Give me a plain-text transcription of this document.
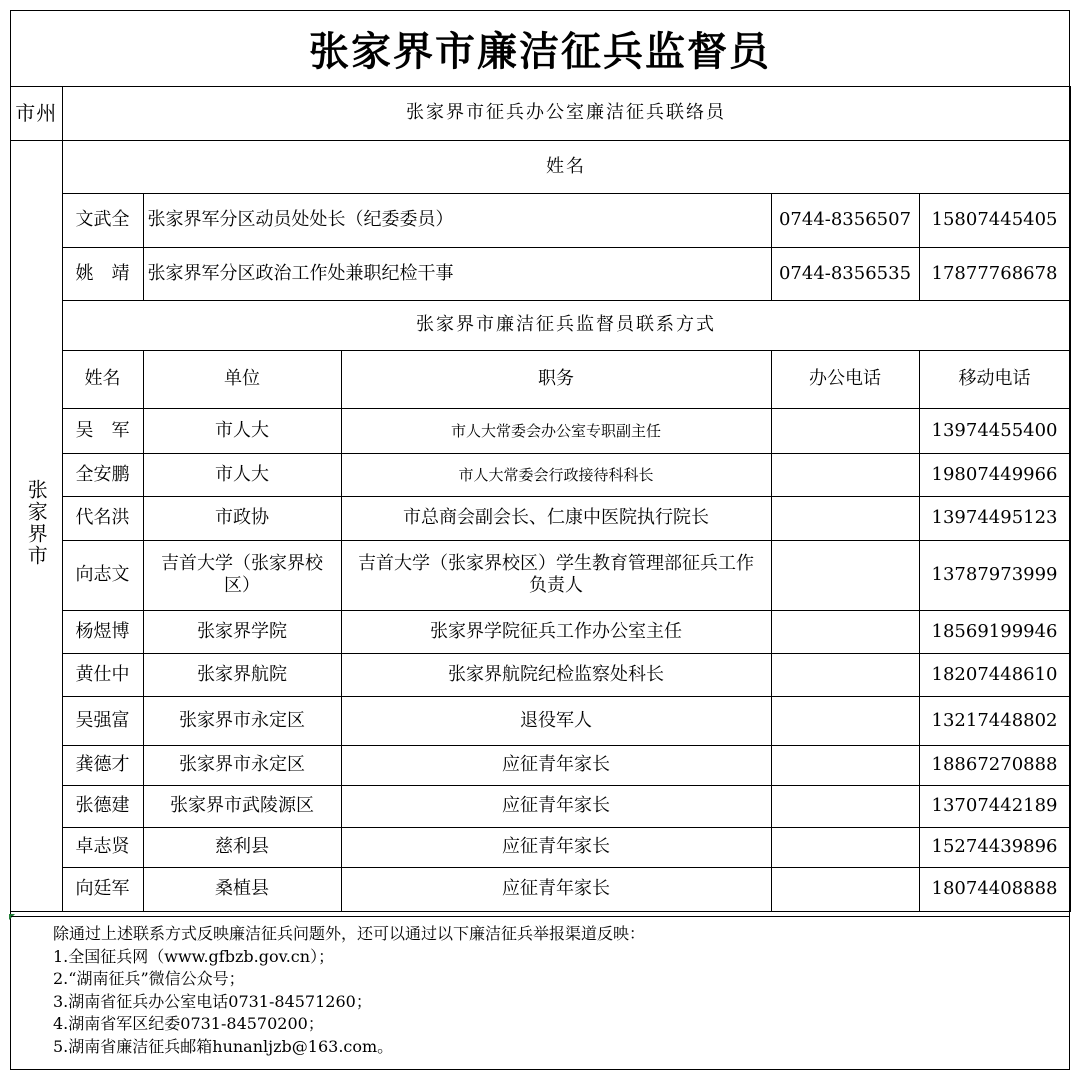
张家界市廉洁征兵监督员
市州	张家界市征兵办公室廉洁征兵联络员				
张家界市	姓名				
	文武全	张家界军分区动员处处长（纪委委员）		0744-8356507	15807445405
	姚　靖	张家界军分区政治工作处兼职纪检干事		0744-8356535	17877768678
	张家界市廉洁征兵监督员联系方式				
	姓名	单位	职务	办公电话	移动电话
	吴　军	市人大	市人大常委会办公室专职副主任		13974455400
	全安鹏	市人大	市人大常委会行政接待科科长		19807449966
	代名洪	市政协	市总商会副会长、仁康中医院执行院长		13974495123
	向志文	吉首大学（张家界校区）	吉首大学（张家界校区）学生教育管理部征兵工作负责人		13787973999
	杨煜博	张家界学院	张家界学院征兵工作办公室主任		18569199946
	黄仕中	张家界航院	张家界航院纪检监察处科长		18207448610
	吴强富	张家界市永定区	退役军人		13217448802
	龚德才	张家界市永定区	应征青年家长		18867270888
	张德建	张家界市武陵源区	应征青年家长		13707442189
	卓志贤	慈利县	应征青年家长		15274439896
	向廷军	桑植县	应征青年家长		18074408888
除通过上述联系方式反映廉洁征兵问题外，还可以通过以下廉洁征兵举报渠道反映：
1.全国征兵网（www.gfbzb.gov.cn）；
2.“湖南征兵”微信公众号；
3.湖南省征兵办公室电话0731-84571260；
4.湖南省军区纪委0731-84570200；
5.湖南省廉洁征兵邮箱hunanljzb@163.com。
